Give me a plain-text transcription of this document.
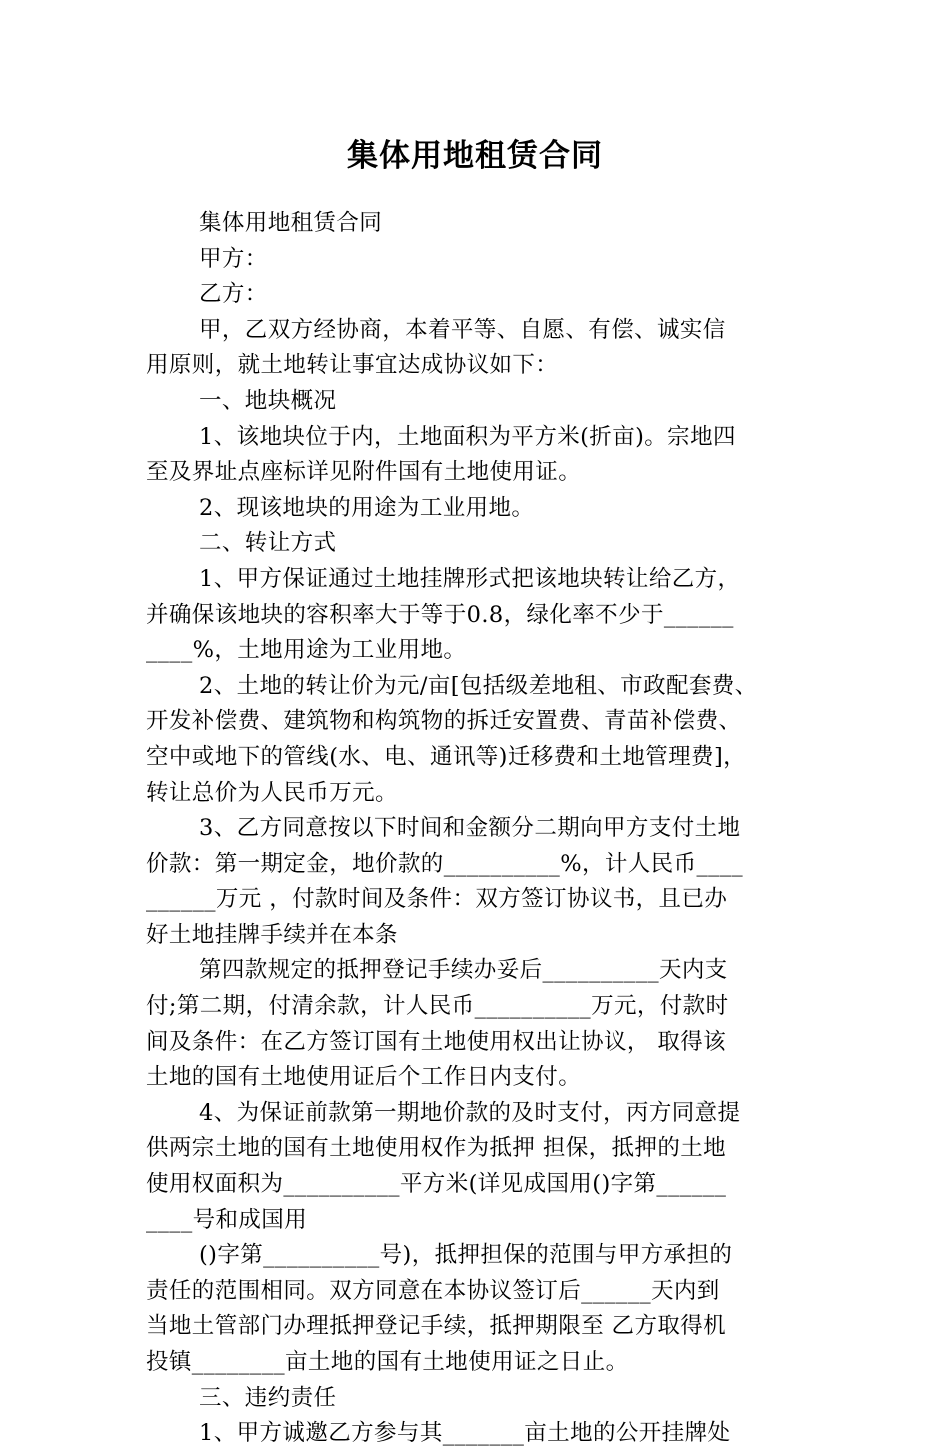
集体用地租赁合同
集体用地租赁合同
甲方：
乙方：
甲，乙双方经协商，本着平等、自愿、有偿、诚实信
用原则，就土地转让事宜达成协议如下：
一、地块概况
1、该地块位于内，土地面积为平方米(折亩)。宗地四
至及界址点座标详见附件国有土地使用证。
2、现该地块的用途为工业用地。
二、转让方式
1、甲方保证通过土地挂牌形式把该地块转让给乙方，
并确保该地块的容积率大于等于0.8，绿化率不少于______
____%，土地用途为工业用地。
2、土地的转让价为元/亩[包括级差地租、市政配套费、
开发补偿费、建筑物和构筑物的拆迁安置费、青苗补偿费、
空中或地下的管线(水、电、通讯等)迁移费和土地管理费]，
转让总价为人民币万元。
3、乙方同意按以下时间和金额分二期向甲方支付土地
价款：第一期定金，地价款的__________%，计人民币____
______万元 ，付款时间及条件：双方签订协议书，且已办
好土地挂牌手续并在本条
第四款规定的抵押登记手续办妥后__________天内支
付;第二期，付清余款，计人民币__________万元，付款时
间及条件：在乙方签订国有土地使用权出让协议， 取得该
土地的国有土地使用证后个工作日内支付。
4、为保证前款第一期地价款的及时支付，丙方同意提
供两宗土地的国有土地使用权作为抵押 担保，抵押的土地
使用权面积为__________平方米(详见成国用()字第______
____号和成国用
()字第__________号)，抵押担保的范围与甲方承担的
责任的范围相同。双方同意在本协议签订后______天内到
当地土管部门办理抵押登记手续，抵押期限至 乙方取得机
投镇________亩土地的国有土地使用证之日止。
三、违约责任
1、甲方诚邀乙方参与其_______亩土地的公开挂牌处
